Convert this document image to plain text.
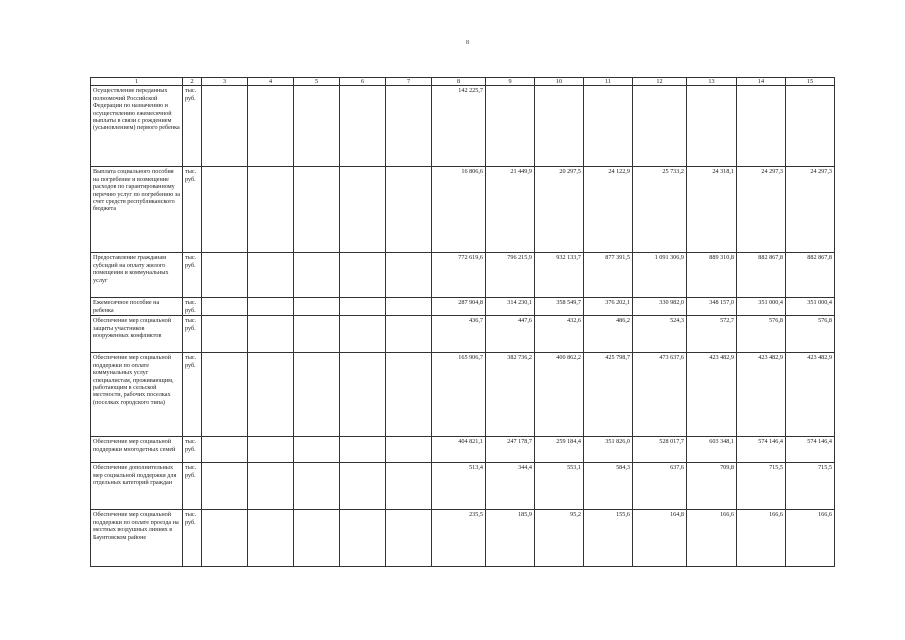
8
1	2	3	4	5	6	7	8	9	10	11	12	13	14	15
Осуществление переданных полномочий Российской Федерации по назначению и осуществлению ежемесячной выплаты в связи с рождением (усыновлением) первого ребенка	тыс. руб.						142 225,7							
Выплата социального пособия на погребение и возмещение расходов по гарантированному перечню услуг по погребению за счет средств республиканского бюджета	тыс. руб.						16 806,6	21 449,9	20 297,5	24 122,9	25 733,2	24 318,1	24 297,3	24 297,3
Предоставление гражданам субсидий на оплату жилого помещения и коммунальных услуг	тыс. руб.						772 619,6	796 215,9	932 133,7	877 391,5	1 091 306,9	889 310,8	882 867,8	882 867,8
Ежемесячное пособие на ребенка	тыс. руб.						287 904,8	314 230,1	358 549,7	376 202,1	330 982,0	348 157,0	351 000,4	351 000,4
Обеспечение мер социальной защиты участников вооруженных конфликтов	тыс. руб.						436,7	447,6	432,6	486,2	524,3	572,7	576,8	576,8
Обеспечение мер социальной поддержки по оплате коммунальных услуг специалистам, проживающим, работающим в сельской местности, рабочих поселках (поселках городского типа)	тыс. руб.						165 906,7	382 736,2	400 862,2	425 798,7	473 637,6	423 482,9	423 482,9	423 482,9
Обеспечение мер социальной поддержки многодетных семей	тыс. руб.						404 821,1	247 178,7	259 184,4	351 826,0	528 017,7	603 348,1	574 146,4	574 146,4
Обеспечение дополнительных мер социальной поддержки для отдельных категорий граждан	тыс. руб.						513,4	344,4	553,1	584,3	637,6	709,8	715,5	715,5
Обеспечение мер социальной поддержки по оплате проезда на местных воздушных линиях в Баунтовском районе	тыс. руб.						235,5	185,9	95,2	155,6	164,8	166,6	166,6	166,6
